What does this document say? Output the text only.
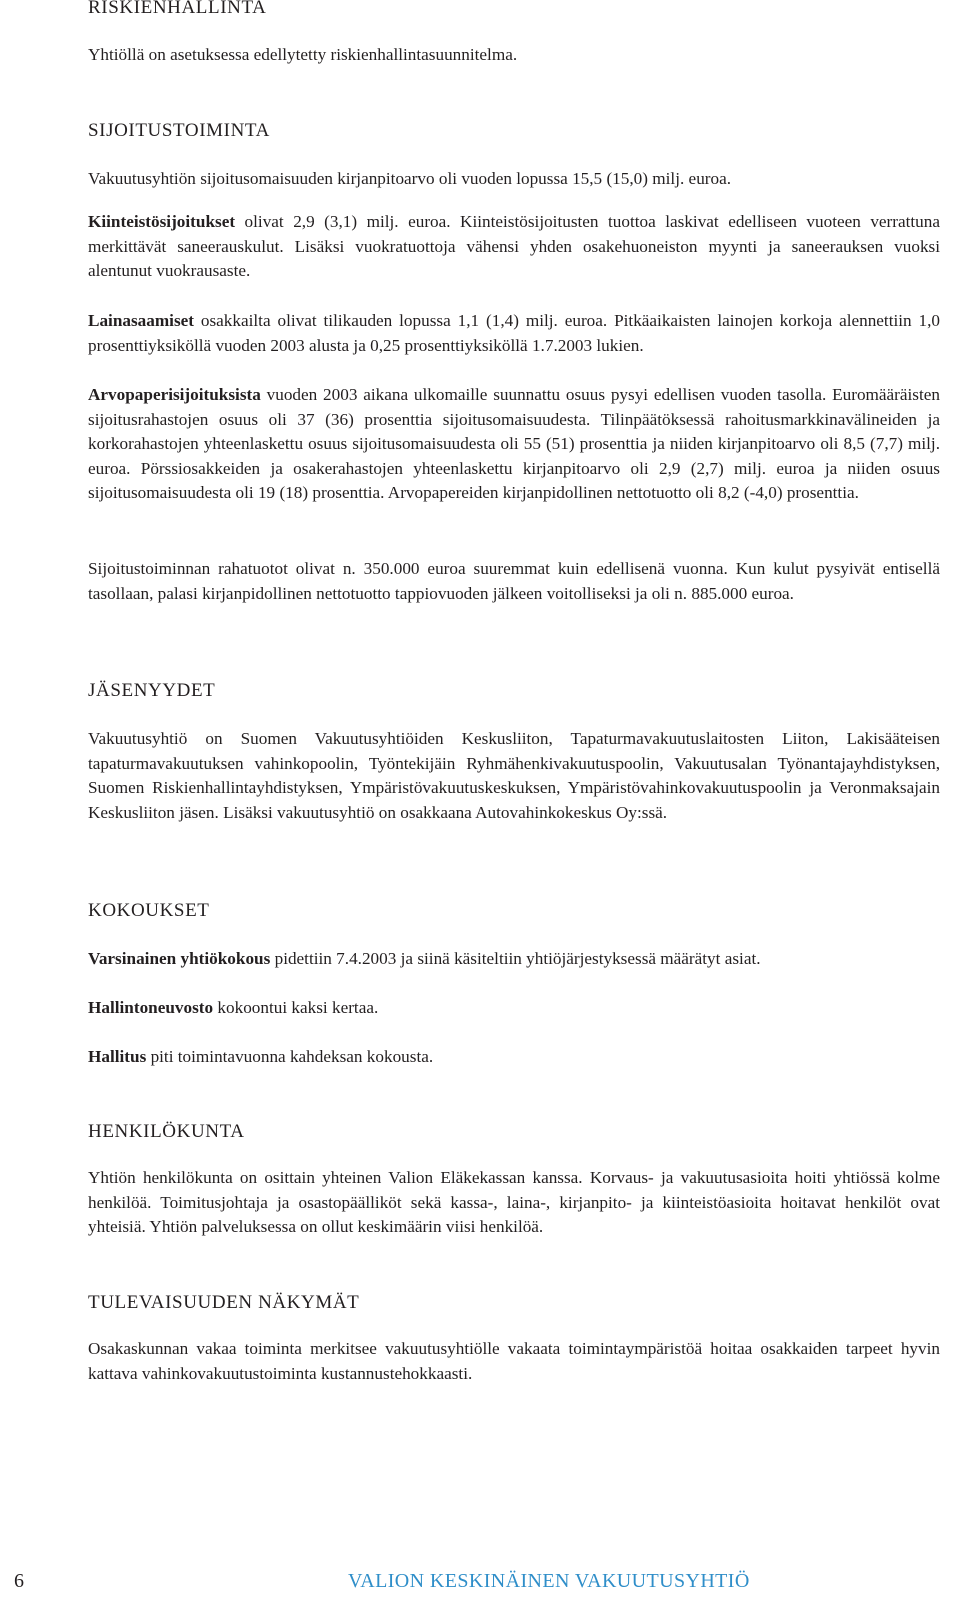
RISKIENHALLINTA

Yhtiöllä on asetuksessa edellytetty riskienhallintasuunnitelma.

SIJOITUSTOIMINTA

Vakuutusyhtiön sijoitusomaisuuden kirjanpitoarvo oli vuoden lopussa 15,5 (15,0) milj. euroa.

Kiinteistösijoitukset olivat 2,9 (3,1) milj. euroa. Kiinteistösijoitusten tuottoa laskivat edelliseen vuoteen verrattuna merkittävät saneerauskulut. Lisäksi vuokratuottoja vähensi yhden osakehuoneiston myynti ja saneerauksen vuoksi alentunut vuokrausaste.

Lainasaamiset osakkailta olivat tilikauden lopussa 1,1 (1,4) milj. euroa. Pitkäaikaisten lainojen korkoja alennettiin 1,0 prosenttiyksiköllä vuoden 2003 alusta ja 0,25 prosenttiyksiköllä 1.7.2003 lukien.

Arvopaperisijoituksista vuoden 2003 aikana ulkomaille suunnattu osuus pysyi edellisen vuoden tasolla. Euromääräisten sijoitusrahastojen osuus oli 37 (36) prosenttia sijoitusomaisuudesta. Tilinpäätöksessä rahoitusmarkkinavälineiden ja korkorahastojen yhteenlaskettu osuus sijoitusomaisuudesta oli 55 (51) prosenttia ja niiden kirjanpitoarvo oli 8,5 (7,7) milj. euroa. Pörssiosakkeiden ja osakerahastojen yhteenlaskettu kirjanpitoarvo oli 2,9 (2,7) milj. euroa ja niiden osuus sijoitusomaisuudesta oli 19 (18) prosenttia. Arvopapereiden kirjanpidollinen nettotuotto oli 8,2 (-4,0) prosenttia.

Sijoitustoiminnan rahatuotot olivat n. 350.000 euroa suuremmat kuin edellisenä vuonna. Kun kulut pysyivät entisellä tasollaan, palasi kirjanpidollinen nettotuotto tappiovuoden jälkeen voitolliseksi ja oli n. 885.000 euroa.

JÄSENYYDET

Vakuutusyhtiö on Suomen Vakuutusyhtiöiden Keskusliiton, Tapaturmavakuutuslaitosten Liiton, Lakisääteisen tapaturmavakuutuksen vahinkopoolin, Työntekijäin Ryhmähenkivakuutuspoolin, Vakuutusalan Työnantajayhdistyksen, Suomen Riskienhallintayhdistyksen, Ympäristövakuutuskeskuksen, Ympäristövahinkovakuutuspoolin ja Veronmaksajain Keskusliiton jäsen. Lisäksi vakuutusyhtiö on osakkaana Autovahinkokeskus Oy:ssä.

KOKOUKSET

Varsinainen yhtiökokous pidettiin 7.4.2003 ja siinä käsiteltiin yhtiöjärjestyksessä määrätyt asiat.

Hallintoneuvosto kokoontui kaksi kertaa.

Hallitus piti toimintavuonna kahdeksan kokousta.

HENKILÖKUNTA

Yhtiön henkilökunta on osittain yhteinen Valion Eläkekassan kanssa. Korvaus- ja vakuutusasioita hoiti yhtiössä kolme henkilöä. Toimitusjohtaja ja osastopäälliköt sekä kassa-, laina-, kirjanpito- ja kiinteistöasioita hoitavat henkilöt ovat yhteisiä. Yhtiön palveluksessa on ollut keskimäärin viisi henkilöä.

TULEVAISUUDEN NÄKYMÄT

Osakaskunnan vakaa toiminta merkitsee vakuutusyhtiölle vakaata toimintaympäristöä hoitaa osakkaiden tarpeet hyvin kattava vahinkovakuutustoiminta kustannustehokkaasti.

6	VALION KESKINÄINEN VAKUUTUSYHTIÖ
